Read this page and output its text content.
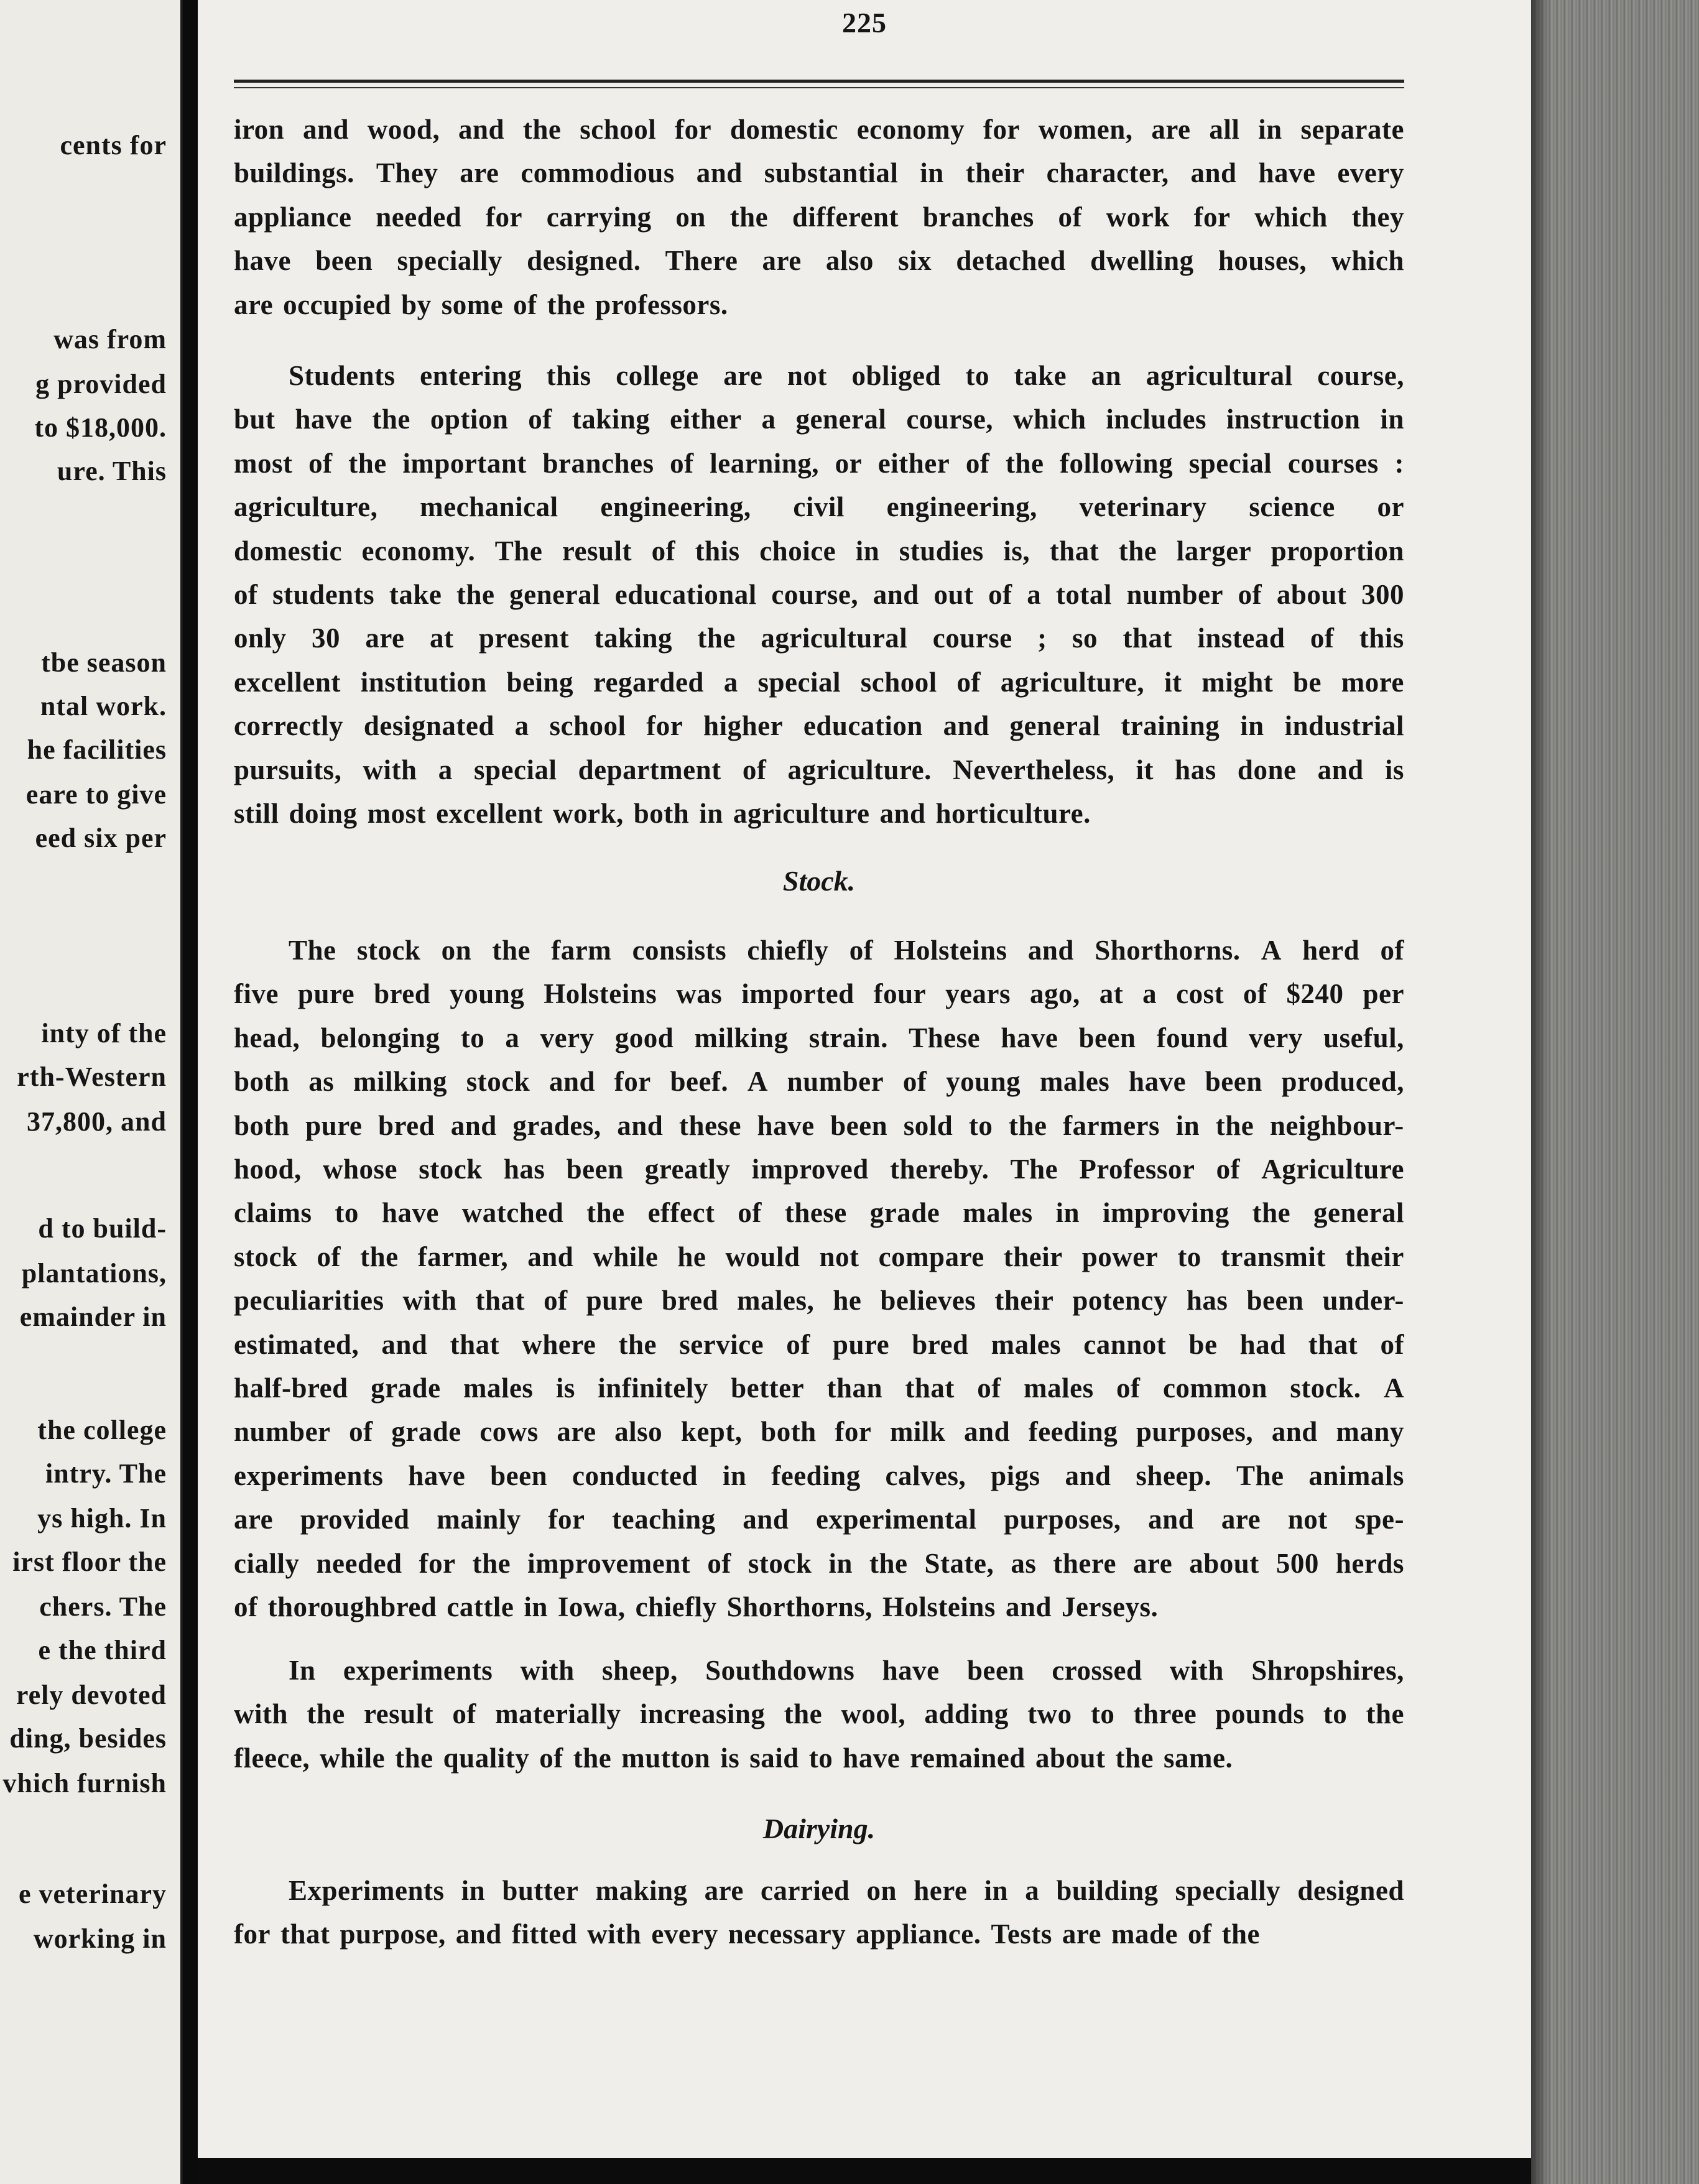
cents for
was from
g provided
to $18,000.
ure. This
tbe season
ntal work.
he facilities
eare to give
eed six per
inty of the
rth-Western
37,800, and
d to build-
plantations,
emainder in
the college
intry. The
ys high. In
irst floor the
chers. The
e the third
rely devoted
ding, besides
vhich furnish
e veterinary
working in
225
iron and wood, and the school for domestic economy for women, are all in separate
buildings. They are commodious and substantial in their character, and have every
appliance needed for carrying on the different branches of work for which they
have been specially designed. There are also six detached dwelling houses, which
are occupied by some of the professors.
Students entering this college are not obliged to take an agricultural course,
but have the option of taking either a general course, which includes instruction in
most of the important branches of learning, or either of the following special courses :
agriculture, mechanical engineering, civil engineering, veterinary science or
domestic economy. The result of this choice in studies is, that the larger proportion
of students take the general educational course, and out of a total number of about 300
only 30 are at present taking the agricultural course ; so that instead of this
excellent institution being regarded a special school of agriculture, it might be more
correctly designated a school for higher education and general training in industrial
pursuits, with a special department of agriculture. Nevertheless, it has done and is
still doing most excellent work, both in agriculture and horticulture.
Stock.
The stock on the farm consists chiefly of Holsteins and Shorthorns. A herd of
five pure bred young Holsteins was imported four years ago, at a cost of $240 per
head, belonging to a very good milking strain. These have been found very useful,
both as milking stock and for beef. A number of young males have been produced,
both pure bred and grades, and these have been sold to the farmers in the neighbour-
hood, whose stock has been greatly improved thereby. The Professor of Agriculture
claims to have watched the effect of these grade males in improving the general
stock of the farmer, and while he would not compare their power to transmit their
peculiarities with that of pure bred males, he believes their potency has been under-
estimated, and that where the service of pure bred males cannot be had that of
half-bred grade males is infinitely better than that of males of common stock. A
number of grade cows are also kept, both for milk and feeding purposes, and many
experiments have been conducted in feeding calves, pigs and sheep. The animals
are provided mainly for teaching and experimental purposes, and are not spe-
cially needed for the improvement of stock in the State, as there are about 500 herds
of thoroughbred cattle in Iowa, chiefly Shorthorns, Holsteins and Jerseys.
In experiments with sheep, Southdowns have been crossed with Shropshires,
with the result of materially increasing the wool, adding two to three pounds to the
fleece, while the quality of the mutton is said to have remained about the same.
Dairying.
Experiments in butter making are carried on here in a building specially designed
for that purpose, and fitted with every necessary appliance. Tests are made of the
